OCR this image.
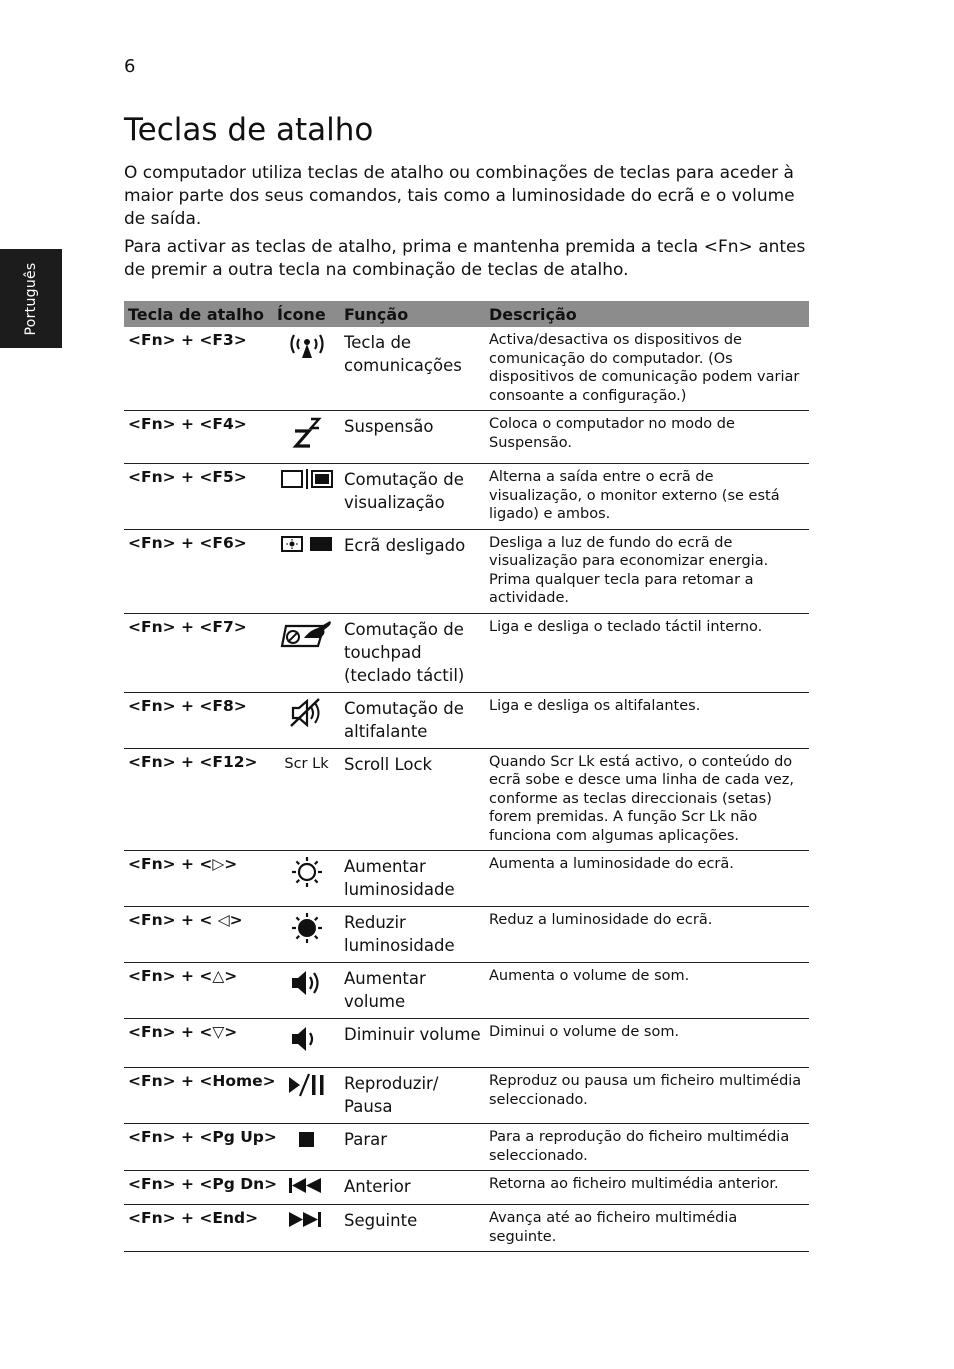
6
Português
Teclas de atalho

O computador utiliza teclas de atalho ou combinações de teclas para aceder à maior parte dos seus comandos, tais como a luminosidade do ecrã e o volume de saída.

Para activar as teclas de atalho, prima e mantenha premida a tecla <Fn> antes de premir a outra tecla na combinação de teclas de atalho.

Tecla de atalho	Ícone	Função	Descrição
<Fn> + <F3>		Tecla de comunicações	Activa/desactiva os dispositivos de comunicação do computador. (Os dispositivos de comunicação podem variar consoante a configuração.)
<Fn> + <F4>		Suspensão	Coloca o computador no modo de Suspensão.
<Fn> + <F5>		Comutação de visualização	Alterna a saída entre o ecrã de visualização, o monitor externo (se está ligado) e ambos.
<Fn> + <F6>		Ecrã desligado	Desliga a luz de fundo do ecrã de visualização para economizar energia. Prima qualquer tecla para retomar a actividade.
<Fn> + <F7>		Comutação de touchpad (teclado táctil)	Liga e desliga o teclado táctil interno.
<Fn> + <F8>		Comutação de altifalante	Liga e desliga os altifalantes.
<Fn> + <F12>	Scr Lk	Scroll Lock	Quando Scr Lk está activo, o conteúdo do ecrã sobe e desce uma linha de cada vez, conforme as teclas direccionais (setas) forem premidas. A função Scr Lk não funciona com algumas aplicações.
<Fn> + <▷>		Aumentar luminosidade	Aumenta a luminosidade do ecrã.
<Fn> + < ◁>		Reduzir luminosidade	Reduz a luminosidade do ecrã.
<Fn> + <△>		Aumentar volume	Aumenta o volume de som.
<Fn> + <▽>		Diminuir volume	Diminui o volume de som.
<Fn> + <Home>		Reproduzir/ Pausa	Reproduz ou pausa um ficheiro multimédia seleccionado.
<Fn> + <Pg Up>		Parar	Para a reprodução do ficheiro multimédia seleccionado.
<Fn> + <Pg Dn>		Anterior	Retorna ao ficheiro multimédia anterior.
<Fn> + <End>		Seguinte	Avança até ao ficheiro multimédia seguinte.
